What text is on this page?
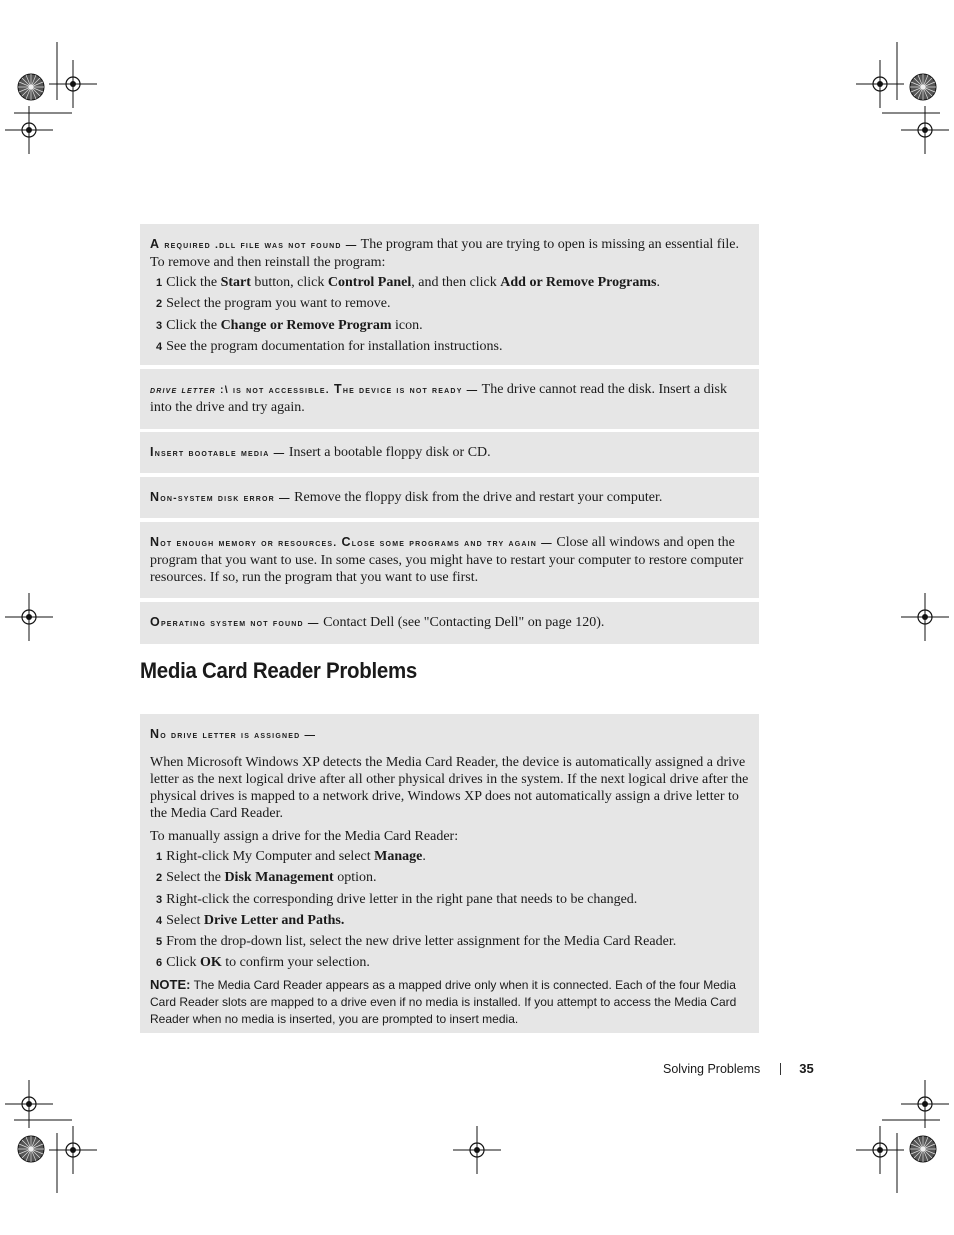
A required .dll file was not found — The program that you are trying to open is missing an essential file. To remove and then reinstall the program:
1 Click the Start button, click Control Panel, and then click Add or Remove Programs.
2 Select the program you want to remove.
3 Click the Change or Remove Program icon.
4 See the program documentation for installation instructions.
drive letter :\ is not accessible. The device is not ready — The drive cannot read the disk. Insert a disk into the drive and try again.
Insert bootable media — Insert a bootable floppy disk or CD.
Non-system disk error — Remove the floppy disk from the drive and restart your computer.
Not enough memory or resources. Close some programs and try again — Close all windows and open the program that you want to use. In some cases, you might have to restart your computer to restore computer resources. If so, run the program that you want to use first.
Operating system not found — Contact Dell (see "Contacting Dell" on page 120).
Media Card Reader Problems
No drive letter is assigned —

When Microsoft Windows XP detects the Media Card Reader, the device is automatically assigned a drive letter as the next logical drive after all other physical drives in the system. If the next logical drive after the physical drives is mapped to a network drive, Windows XP does not automatically assign a drive letter to the Media Card Reader.

To manually assign a drive for the Media Card Reader:

1 Right-click My Computer and select Manage.
2 Select the Disk Management option.
3 Right-click the corresponding drive letter in the right pane that needs to be changed.
4 Select Drive Letter and Paths.
5 From the drop-down list, select the new drive letter assignment for the Media Card Reader.
6 Click OK to confirm your selection.
NOTE: The Media Card Reader appears as a mapped drive only when it is connected. Each of the four Media Card Reader slots are mapped to a drive even if no media is installed. If you attempt to access the Media Card Reader when no media is inserted, you are prompted to insert media.
Solving Problems	35
